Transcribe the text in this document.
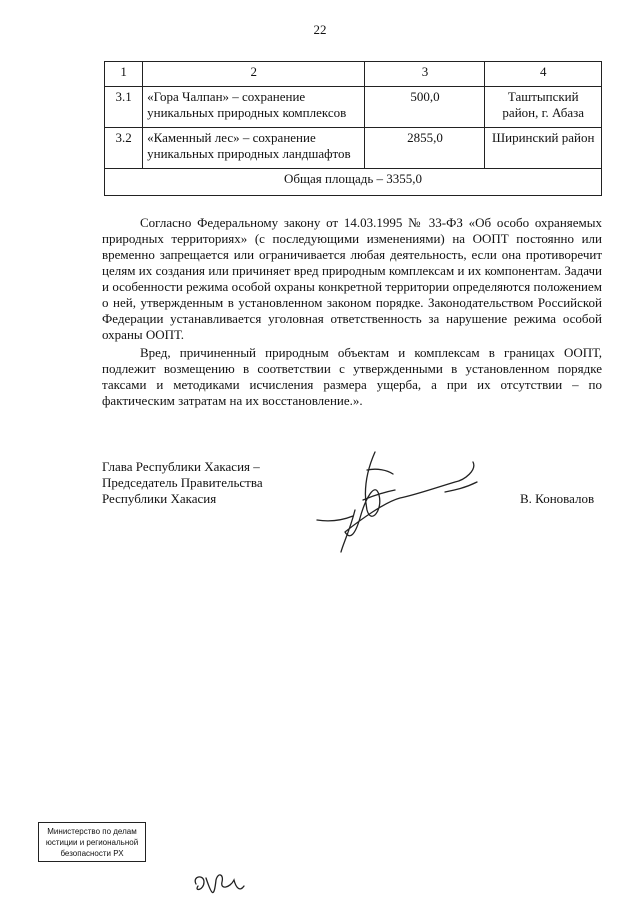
22
1	2	3	4
3.1	«Гора Чалпан» – сохранение уникальных природных комплексов	500,0	Таштыпский район, г. Абаза
3.2	«Каменный лес» – сохранение уникальных природных ландшафтов	2855,0	Ширинский район
Общая площадь – 3355,0			
Согласно Федеральному закону от 14.03.1995 № 33-ФЗ «Об особо охраняемых природных территориях» (с последующими изменениями) на ООПТ постоянно или временно запрещается или ограничивается любая деятельность, если она противоречит целям их создания или причиняет вред природным комплексам и их компонентам. Задачи и особенности режима особой охраны конкретной территории определяются положением о ней, утвержденным в установленном законом порядке. Законодательством Российской Федерации устанавливается уголовная ответственность за нарушение режима особой охраны ООПТ.
Вред, причиненный природным объектам и комплексам в границах ООПТ, подлежит возмещению в соответствии с утвержденными в установленном порядке таксами и методиками исчисления размера ущерба, а при их отсутствии – по фактическим затратам на их восстановление.».
Глава Республики Хакасия –
Председатель Правительства
Республики Хакасия	В. Коновалов
Министерство по делам
юстиции и региональной
безопасности РХ
